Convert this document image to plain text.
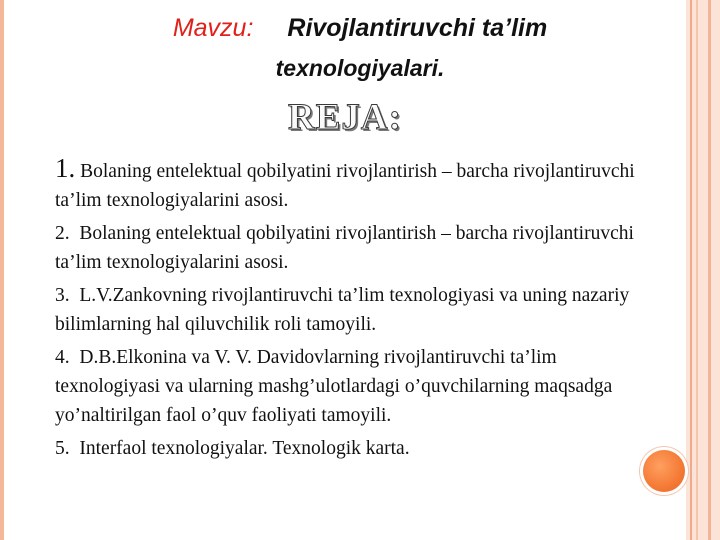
Mavzu: Rivojlantiruvchi ta’lim
texnologiyalari.
REJA:
1. Bolaning entelektual qobilyatini rivojlantirish – barcha rivojlantiruvchi ta’lim texnologiyalarini asosi.
2. Bolaning entelektual qobilyatini rivojlantirish – barcha rivojlantiruvchi ta’lim texnologiyalarini asosi.
3. L.V.Zankovning rivojlantiruvchi ta’lim texnologiyasi va uning nazariy bilimlarning hal qiluvchilik roli tamoyili.
4. D.B.Elkonina va V. V. Davidovlarning rivojlantiruvchi ta’lim texnologiyasi va ularning mashg’ulotlardagi o’quvchilarning maqsadga yo’naltirilgan faol o’quv faoliyati tamoyili.
5. Interfaol texnologiyalar. Texnologik karta.
